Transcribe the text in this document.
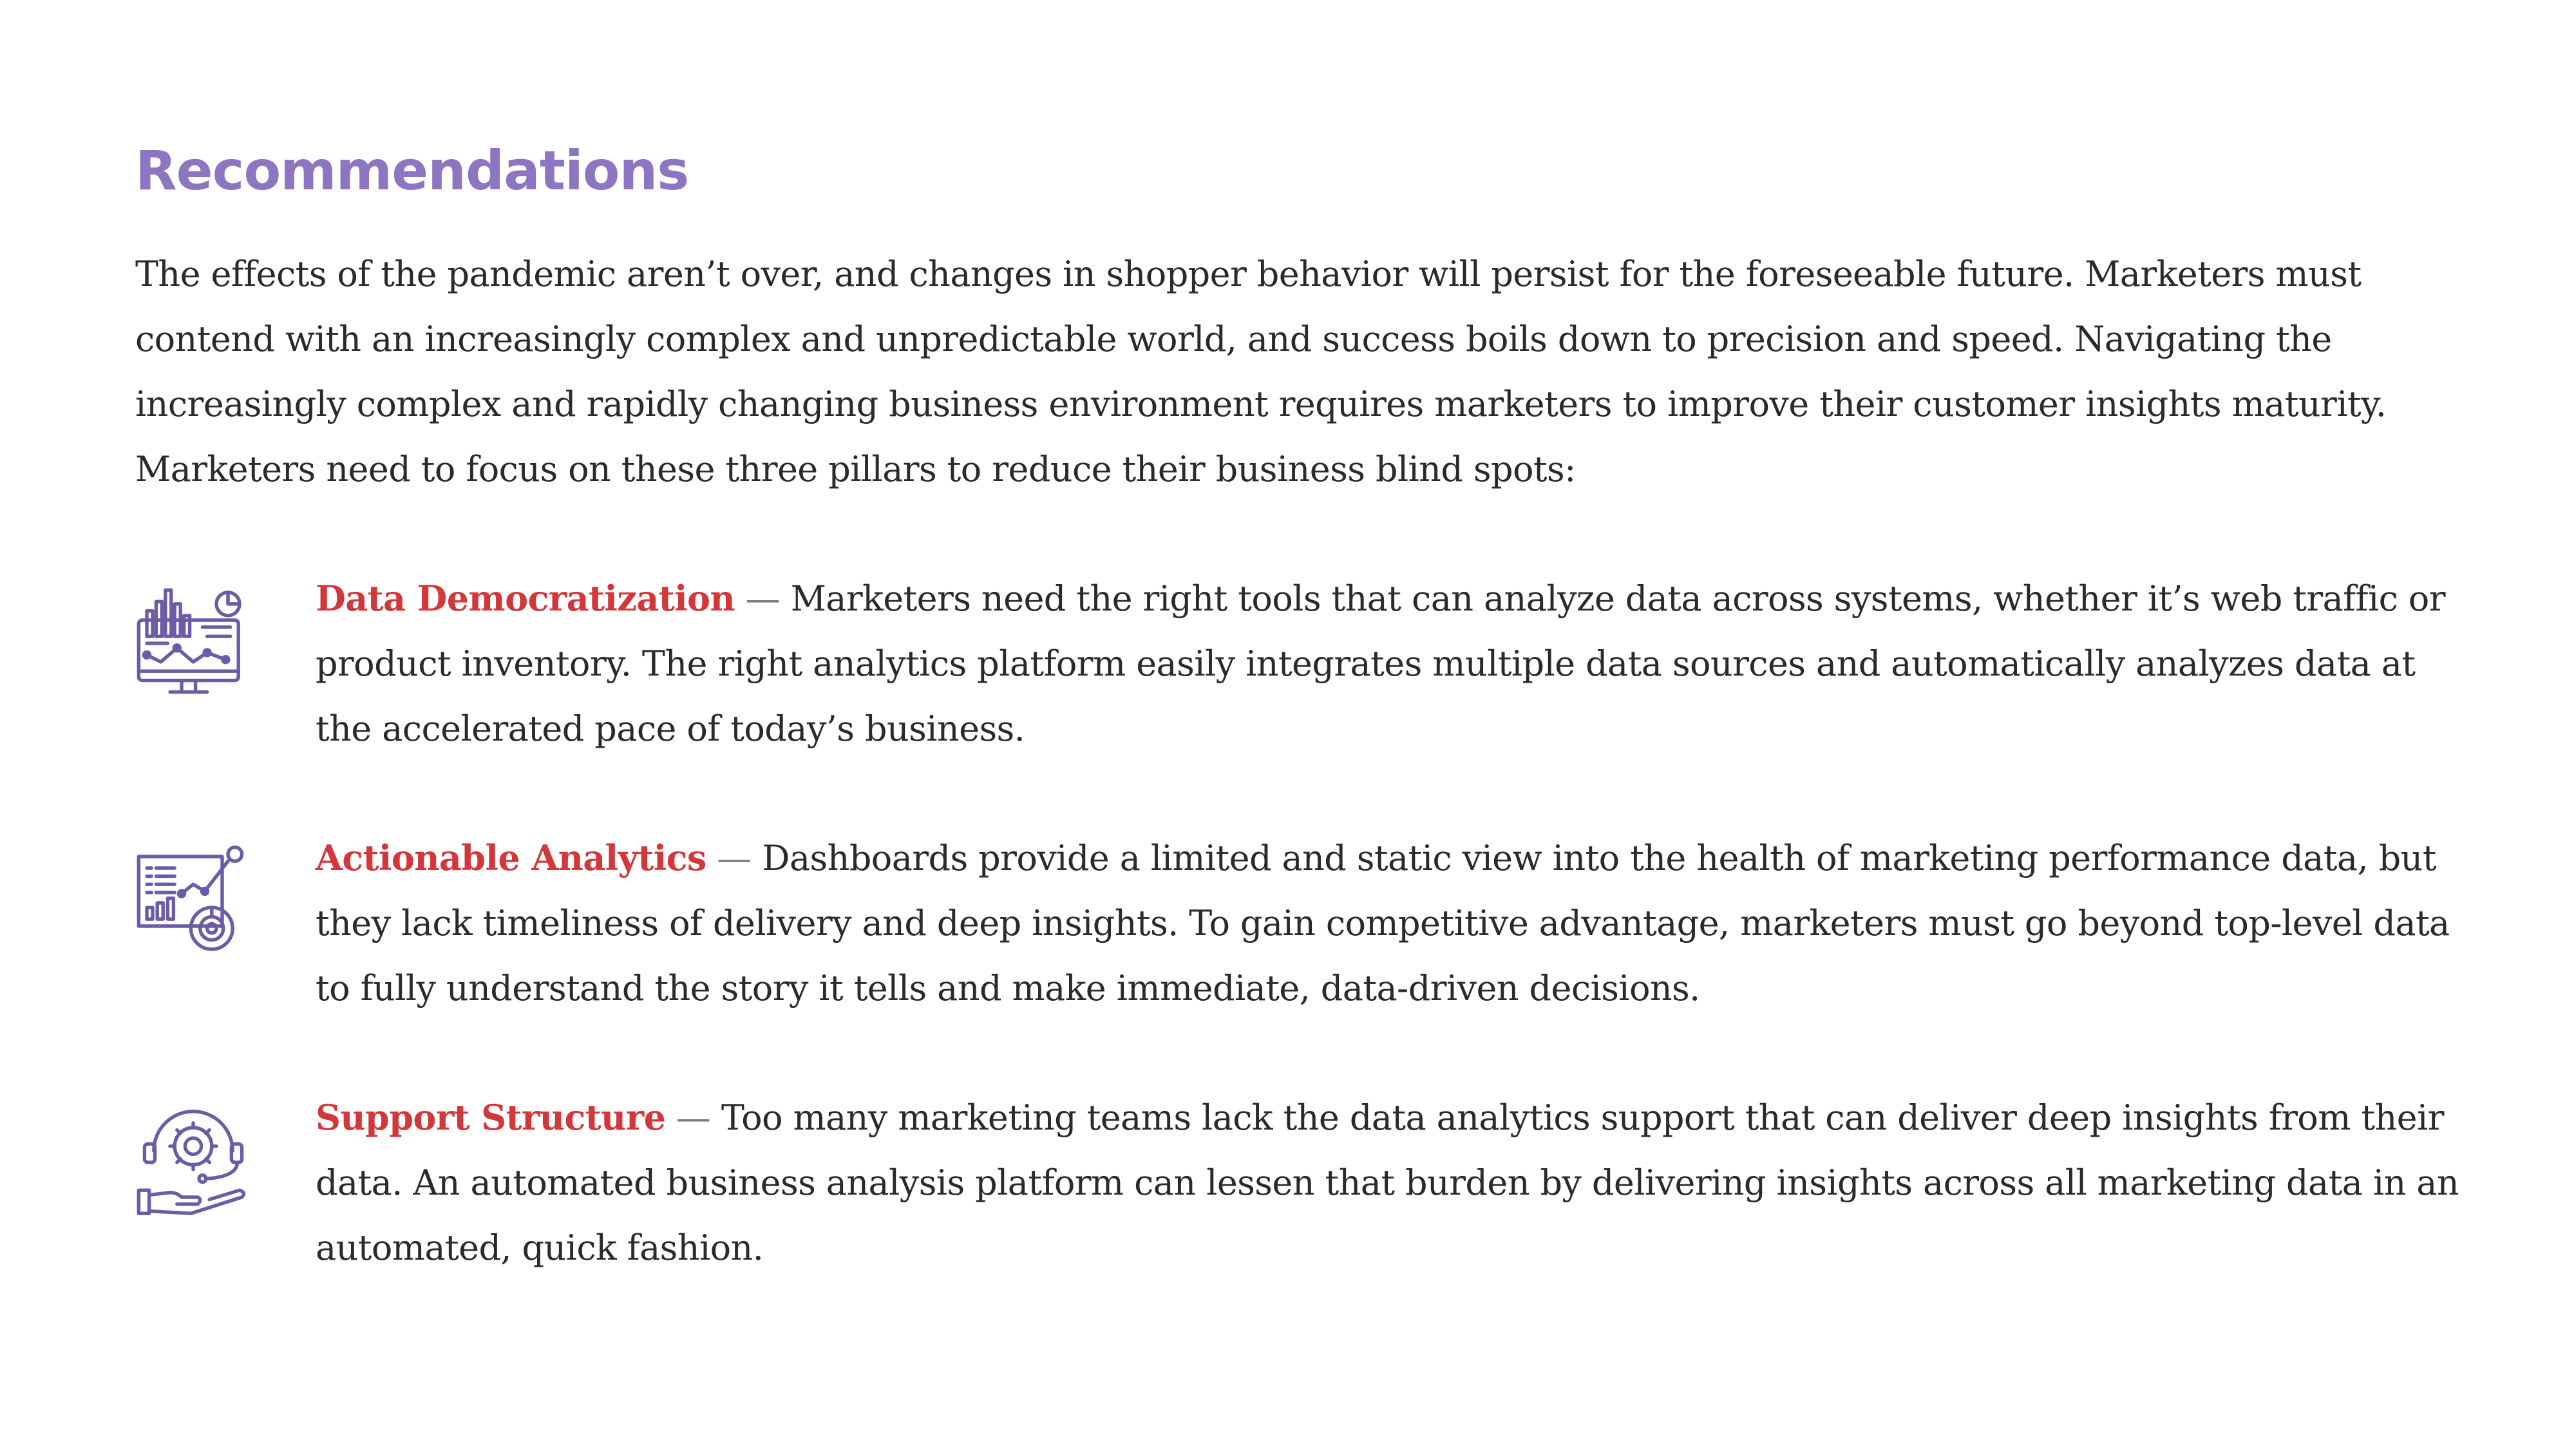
Recommendations

The effects of the pandemic aren’t over, and changes in shopper behavior will persist for the foreseeable future. Marketers must contend with an increasingly complex and unpredictable world, and success boils down to precision and speed. Navigating the increasingly complex and rapidly changing business environment requires marketers to improve their customer insights maturity. Marketers need to focus on these three pillars to reduce their business blind spots:

Data Democratization — Marketers need the right tools that can analyze data across systems, whether it’s web traffic or product inventory. The right analytics platform easily integrates multiple data sources and automatically analyzes data at the accelerated pace of today’s business.

Actionable Analytics — Dashboards provide a limited and static view into the health of marketing performance data, but they lack timeliness of delivery and deep insights. To gain competitive advantage, marketers must go beyond top-level data to fully understand the story it tells and make immediate, data-driven decisions.

Support Structure — Too many marketing teams lack the data analytics support that can deliver deep insights from their data. An automated business analysis platform can lessen that burden by delivering insights across all marketing data in an automated, quick fashion.
